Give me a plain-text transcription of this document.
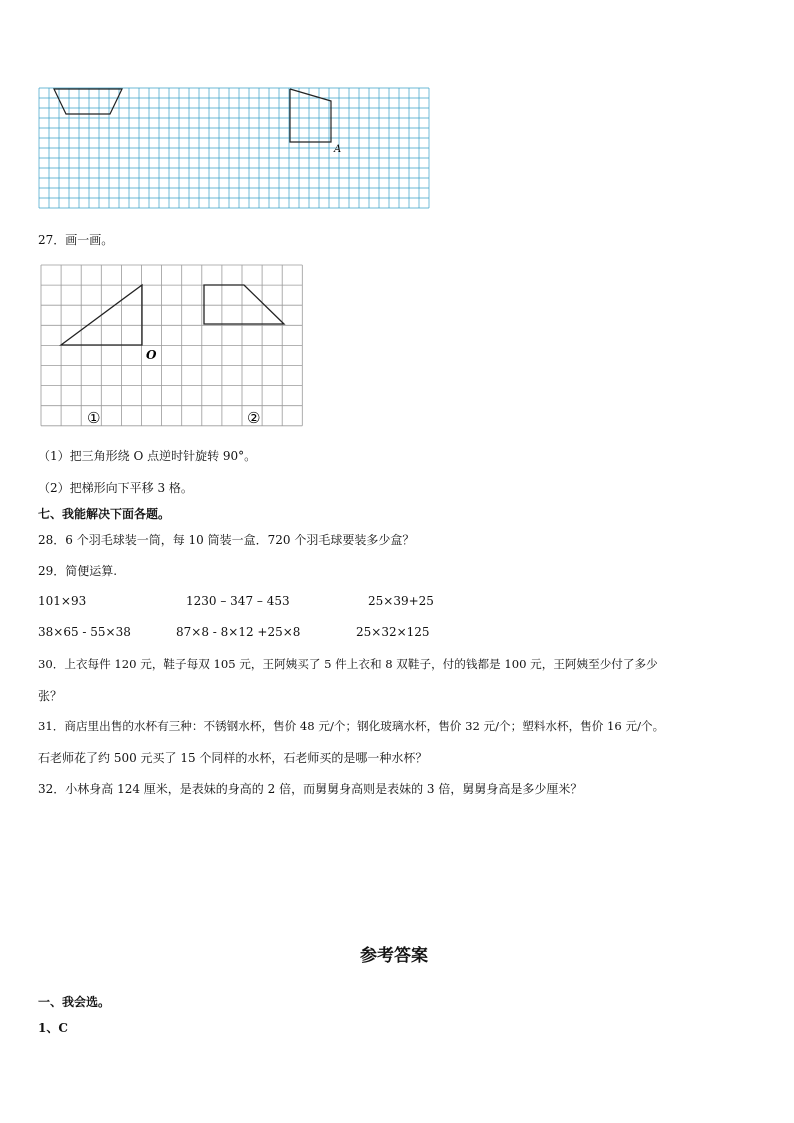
A
27．画一画。
O
①	②
（1）把三角形绕 O 点逆时针旋转 90°。
（2）把梯形向下平移 3 格。
七、我能解决下面各题。
28．6 个羽毛球装一筒，每 10 筒装一盒．720 个羽毛球要装多少盒？
29．简便运算.
101×93	1230 – 347 – 453	25×39+25
38×65 - 55×38	87×8 - 8×12 +25×8	25×32×125
30．上衣每件 120 元，鞋子每双 105 元，王阿姨买了 5 件上衣和 8 双鞋子，付的钱都是 100 元，王阿姨至少付了多少
张？
31．商店里出售的水杯有三种：不锈钢水杯，售价 48 元/个；钢化玻璃水杯，售价 32 元/个；塑料水杯，售价 16 元/个。
石老师花了约 500 元买了 15 个同样的水杯，石老师买的是哪一种水杯？
32．小林身高 124 厘米，是表妹的身高的 2 倍，而舅舅身高则是表妹的 3 倍，舅舅身高是多少厘米？
参考答案
一、我会选。
1、C
